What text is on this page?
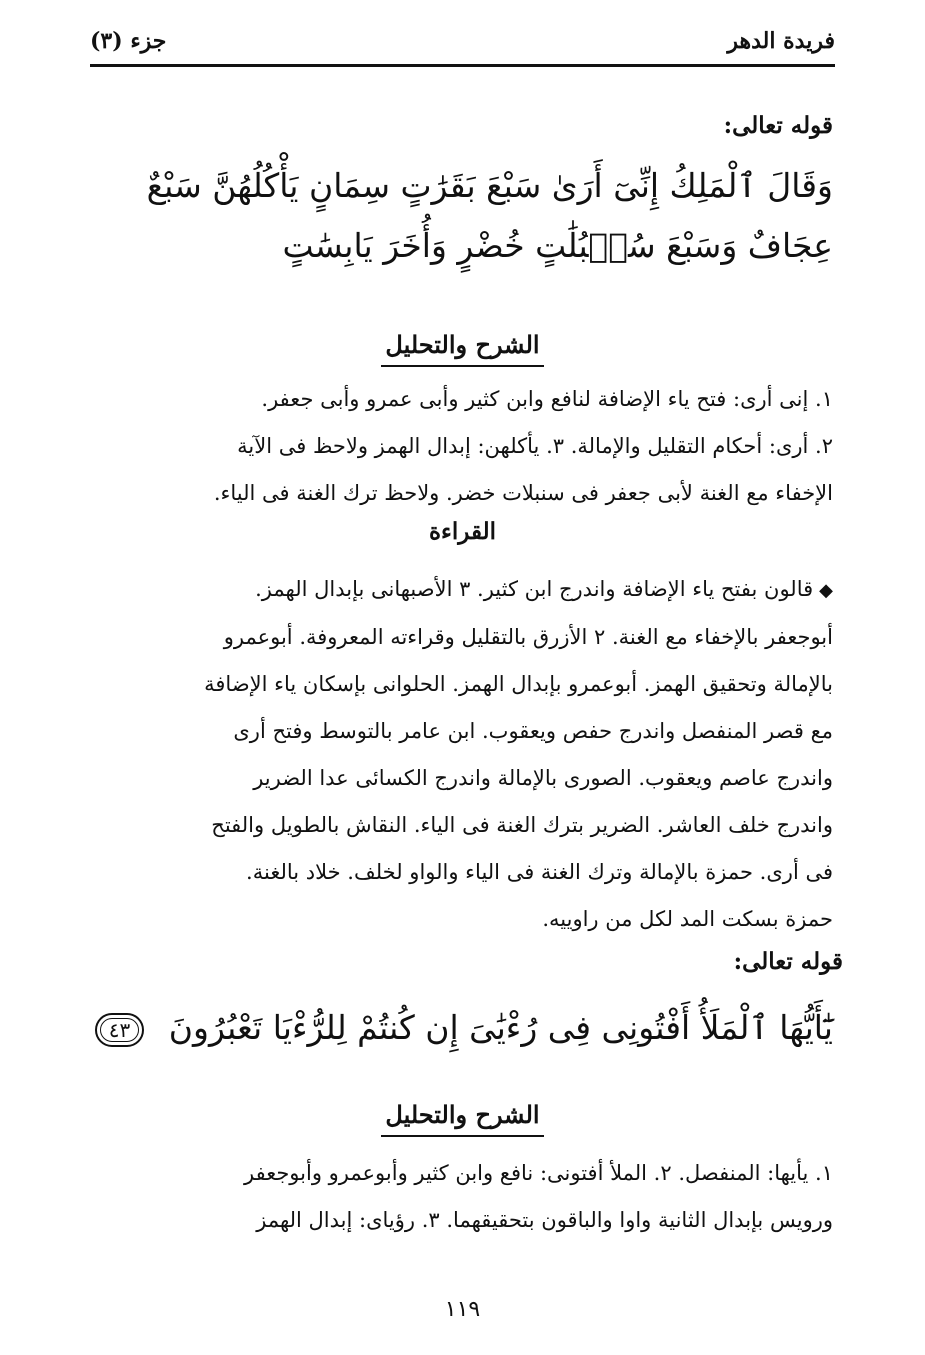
فريدة الدهر
جزء (٣)
قوله تعالى:
وَقَالَ ٱلْمَلِكُ إِنِّىٓ أَرَىٰ سَبْعَ بَقَرَٰتٍ سِمَانٍ يَأْكُلُهُنَّ سَبْعٌ
عِجَافٌ وَسَبْعَ سُنۢبُلَٰتٍ خُضْرٍ وَأُخَرَ يَابِسَٰتٍ
الشرح والتحليل

١. إنى أرى: فتح ياء الإضافة لنافع وابن كثير وأبى عمرو وأبى جعفر.

٢. أرى: أحكام التقليل والإمالة. ٣. يأكلهن: إبدال الهمز ولاحظ فى الآية

الإخفاء مع الغنة لأبى جعفر فى سنبلات خضر. ولاحظ ترك الغنة فى الياء.

القراءة

◆قالون بفتح ياء الإضافة واندرج ابن كثير. ٣ الأصبهانى بإبدال الهمز.

أبوجعفر بالإخفاء مع الغنة. ٢ الأزرق بالتقليل وقراءته المعروفة. أبوعمرو

بالإمالة وتحقيق الهمز. أبوعمرو بإبدال الهمز. الحلوانى بإسكان ياء الإضافة

مع قصر المنفصل واندرج حفص ويعقوب. ابن عامر بالتوسط وفتح أرى

واندرج عاصم ويعقوب. الصورى بالإمالة واندرج الكسائى عدا الضرير

واندرج خلف العاشر. الضرير بترك الغنة فى الياء. النقاش بالطويل والفتح

فى أرى. حمزة بالإمالة وترك الغنة فى الياء والواو لخلف. خلاد بالغنة.

حمزة بسكت المد لكل من راوييه.

قوله تعالى:
يَٰٓأَيُّهَا ٱلْمَلَأُ أَفْتُونِى فِى رُءْيَٰىَ إِن كُنتُمْ لِلرُّءْيَا تَعْبُرُونَ ٤٣
الشرح والتحليل

١. يأيها: المنفصل. ٢. الملأ أفتونى: نافع وابن كثير وأبوعمرو وأبوجعفر

ورويس بإبدال الثانية واوا والباقون بتحقيقهما. ٣. رؤياى: إبدال الهمز

١١٩
